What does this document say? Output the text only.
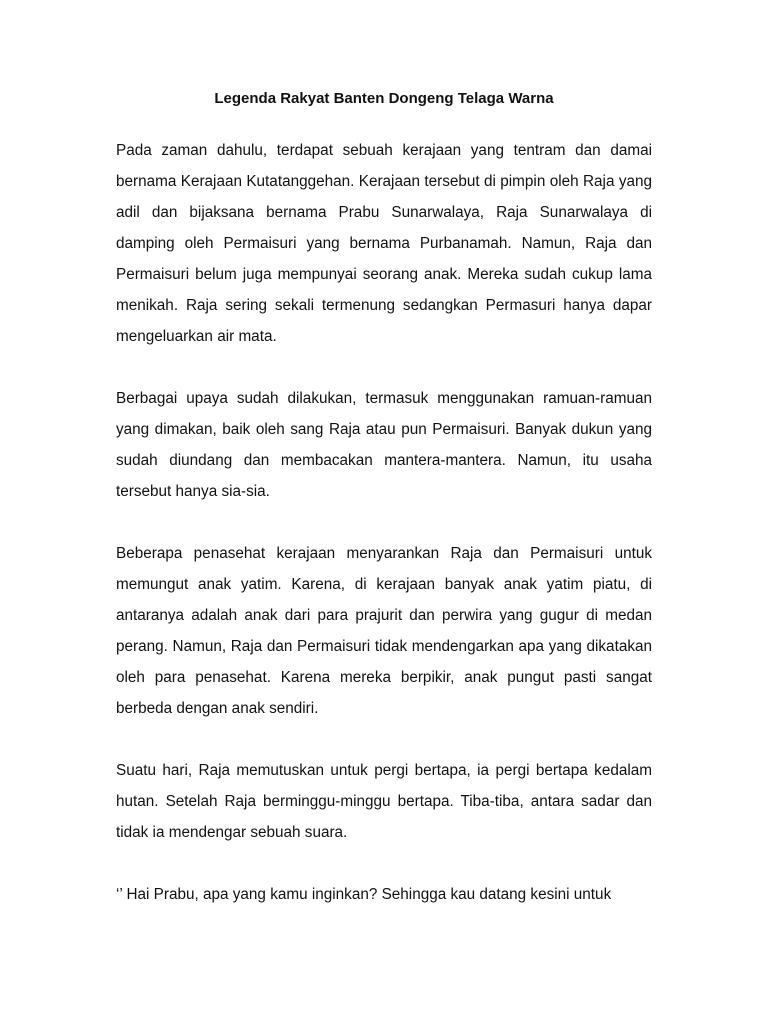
Legenda Rakyat Banten Dongeng Telaga Warna

Pada zaman dahulu, terdapat sebuah kerajaan yang tentram dan damai bernama Kerajaan Kutatanggehan. Kerajaan tersebut di pimpin oleh Raja yang adil dan bijaksana bernama Prabu Sunarwalaya, Raja Sunarwalaya di damping oleh Permaisuri yang bernama Purbanamah. Namun, Raja dan Permaisuri belum juga mempunyai seorang anak. Mereka sudah cukup lama menikah. Raja sering sekali termenung sedangkan Permasuri hanya dapar mengeluarkan air mata.

Berbagai upaya sudah dilakukan, termasuk menggunakan ramuan-ramuan yang dimakan, baik oleh sang Raja atau pun Permaisuri. Banyak dukun yang sudah diundang dan membacakan mantera-mantera. Namun, itu usaha tersebut hanya sia-sia.

Beberapa penasehat kerajaan menyarankan Raja dan Permaisuri untuk memungut anak yatim. Karena, di kerajaan banyak anak yatim piatu, di antaranya adalah anak dari para prajurit dan perwira yang gugur di medan perang. Namun, Raja dan Permaisuri tidak mendengarkan apa yang dikatakan oleh para penasehat. Karena mereka berpikir, anak pungut pasti sangat berbeda dengan anak sendiri.

Suatu hari, Raja memutuskan untuk pergi bertapa, ia pergi bertapa kedalam hutan. Setelah Raja berminggu-minggu bertapa. Tiba-tiba, antara sadar dan tidak ia mendengar sebuah suara.

‘’ Hai Prabu, apa yang kamu inginkan? Sehingga kau datang kesini untuk
